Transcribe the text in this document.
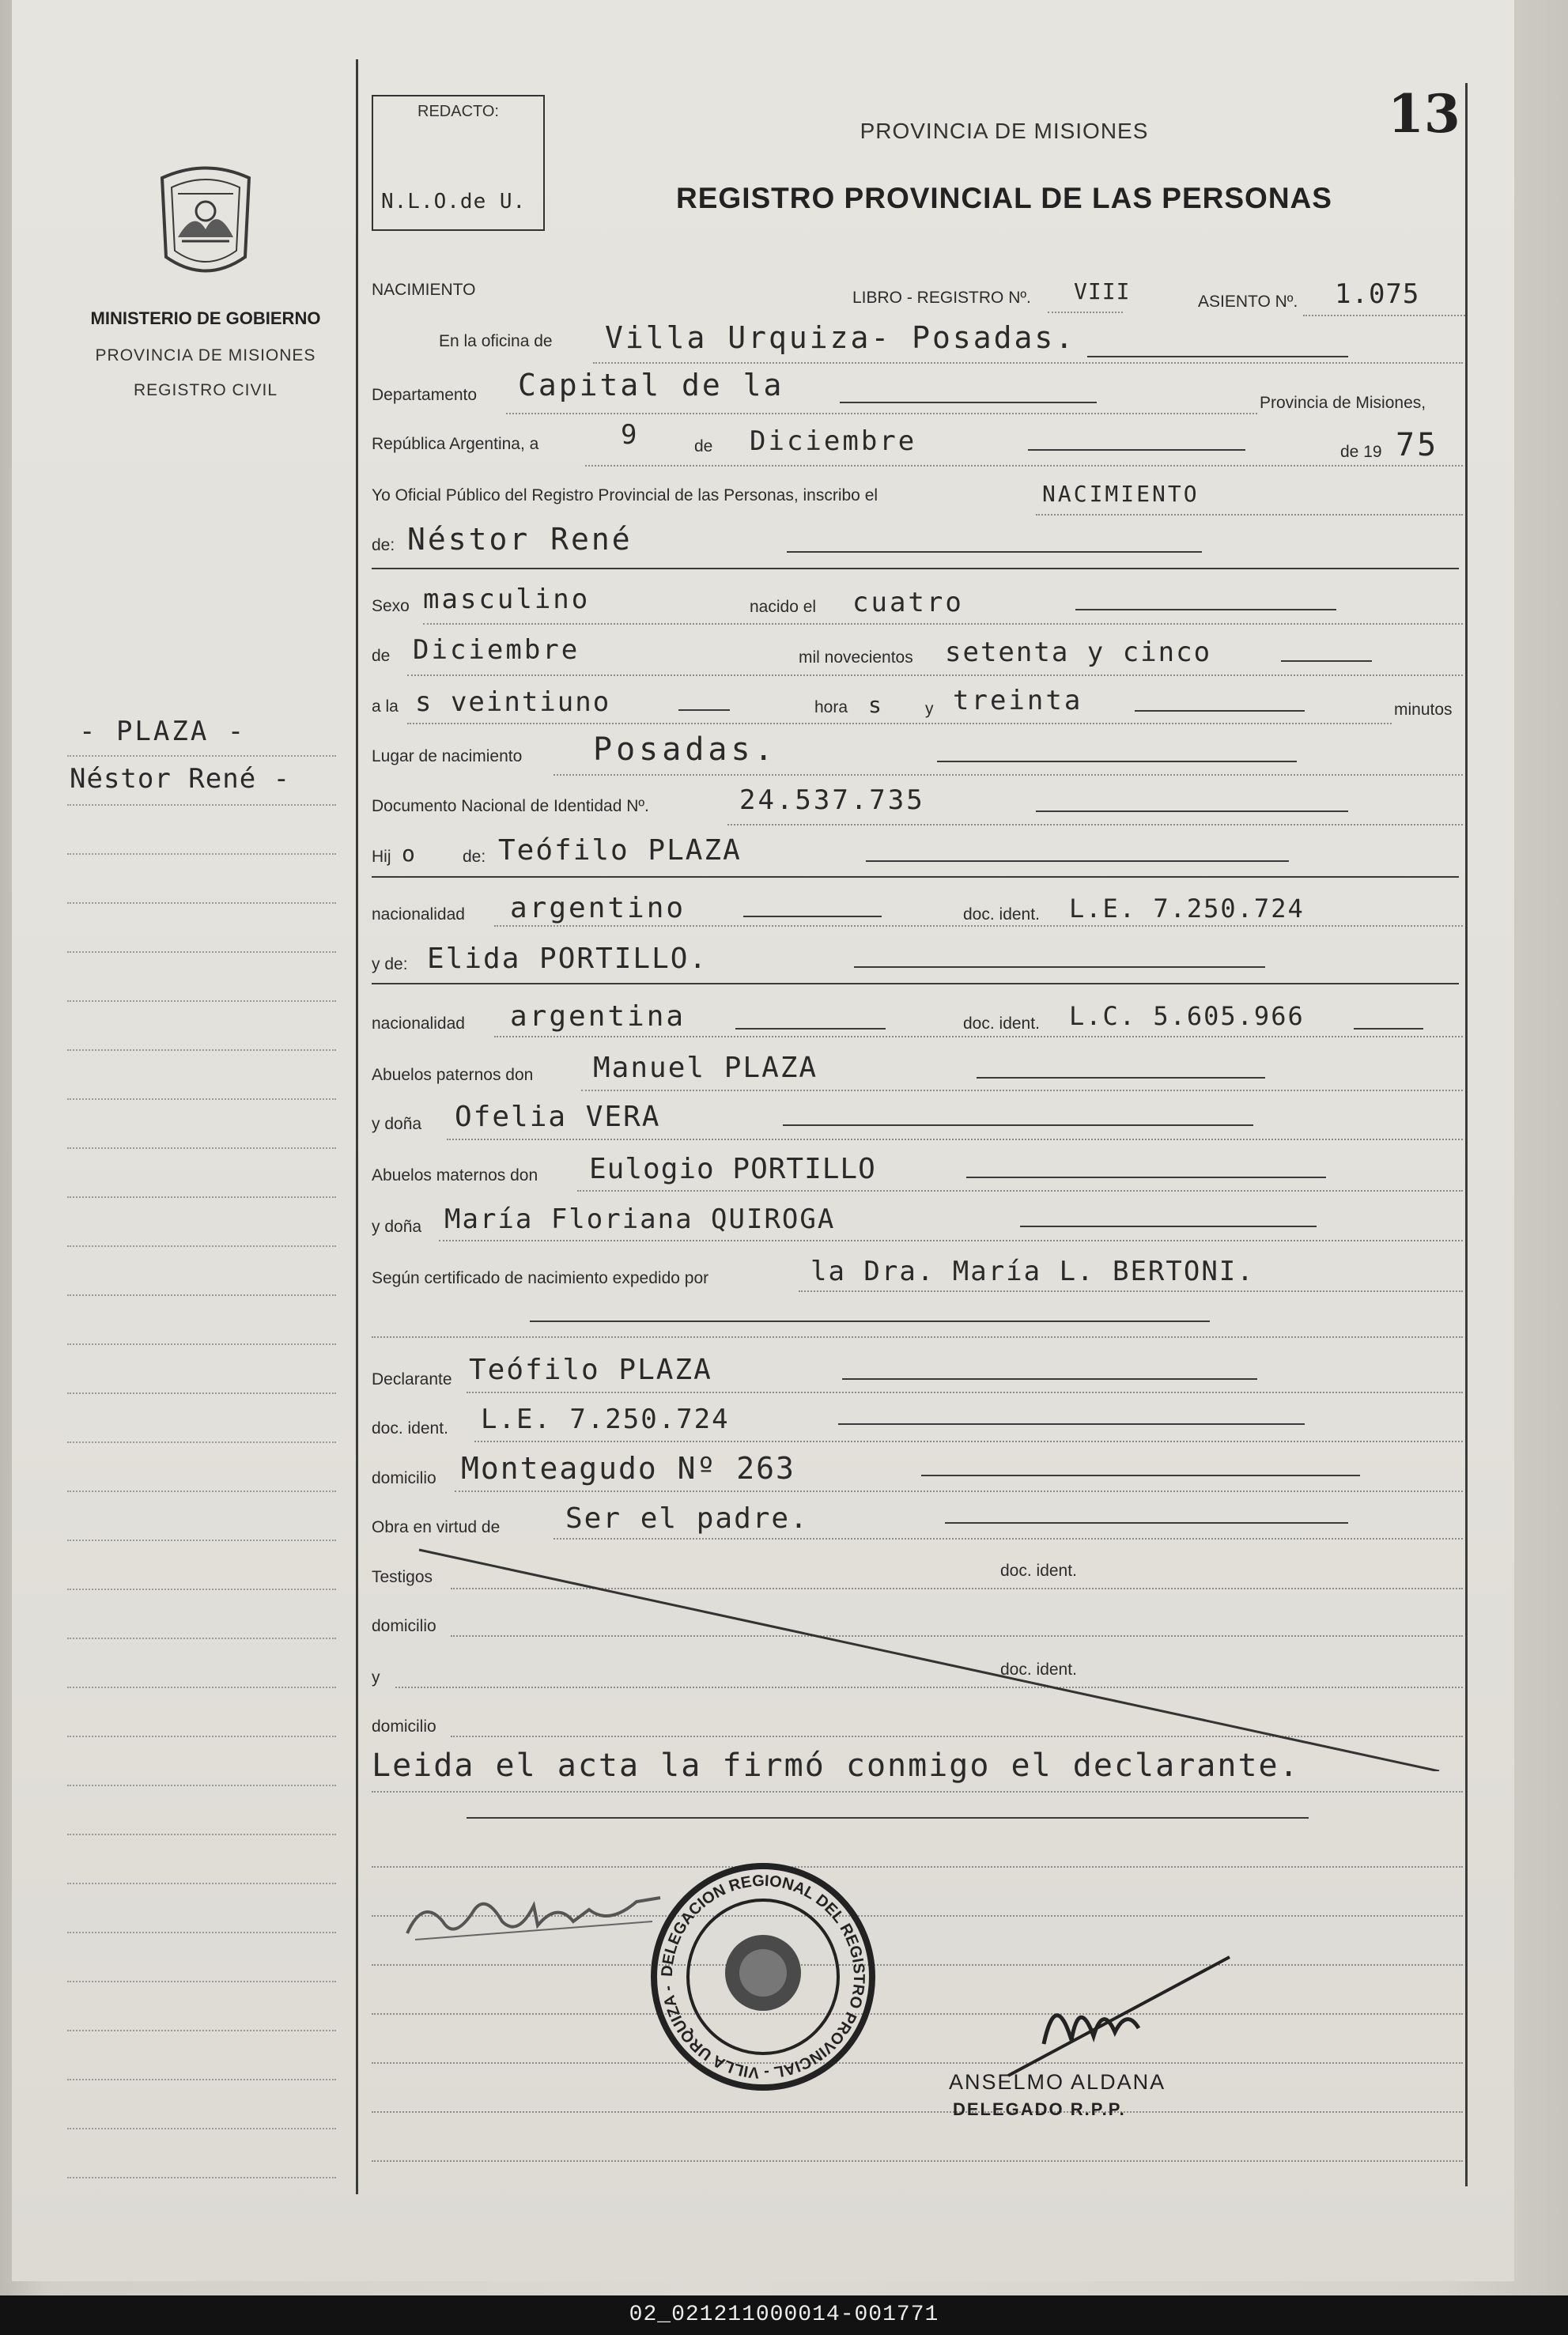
MINISTERIO DE GOBIERNO
PROVINCIA DE MISIONES
REGISTRO CIVIL
- PLAZA -
Néstor René -
REDACTO:
N.L.O.de U.
PROVINCIA DE MISIONES	13
REGISTRO PROVINCIAL DE LAS PERSONAS
NACIMIENTO	LIBRO - REGISTRO Nº. VIII	ASIENTO Nº. 1.075
En la oficina de Villa Urquiza- Posadas.
Departamento Capital de la
Provincia de Misiones,
República Argentina, a	9	de Diciembre	de 19 75
Yo Oficial Público del Registro Provincial de las Personas, inscribo el	NACIMIENTO
de: Néstor René
Sexo masculino	nacido el cuatro
de Diciembre	mil novecientos setenta y cinco
a la s veintiuno	hora s y treinta	minutos
Lugar de nacimiento Posadas.
Documento Nacional de Identidad Nº.	24.537.735
Hij o	de: Teófilo PLAZA
nacionalidad argentino	doc. ident. L.E. 7.250.724
y de: Elida PORTILLO.
nacionalidad argentina	doc. ident. L.C. 5.605.966
Abuelos paternos don Manuel PLAZA
y doña Ofelia VERA
Abuelos maternos don Eulogio PORTILLO
y doña María Floriana QUIROGA
Según certificado de nacimiento expedido por	la Dra. María L. BERTONI.
Declarante Teófilo PLAZA
doc. ident. L.E. 7.250.724
domicilio Monteagudo Nº 263
Obra en virtud de Ser el padre.
Testigos	doc. ident.
domicilio
y	doc. ident.
domicilio
Leida el acta la firmó conmigo el declarante.
DELEGACION REGIONAL DEL REGISTRO PROVINCIAL - VILLA URQUIZA -
ANSELMO ALDANA
DELEGADO R.P.P.
02_021211000014-001771
